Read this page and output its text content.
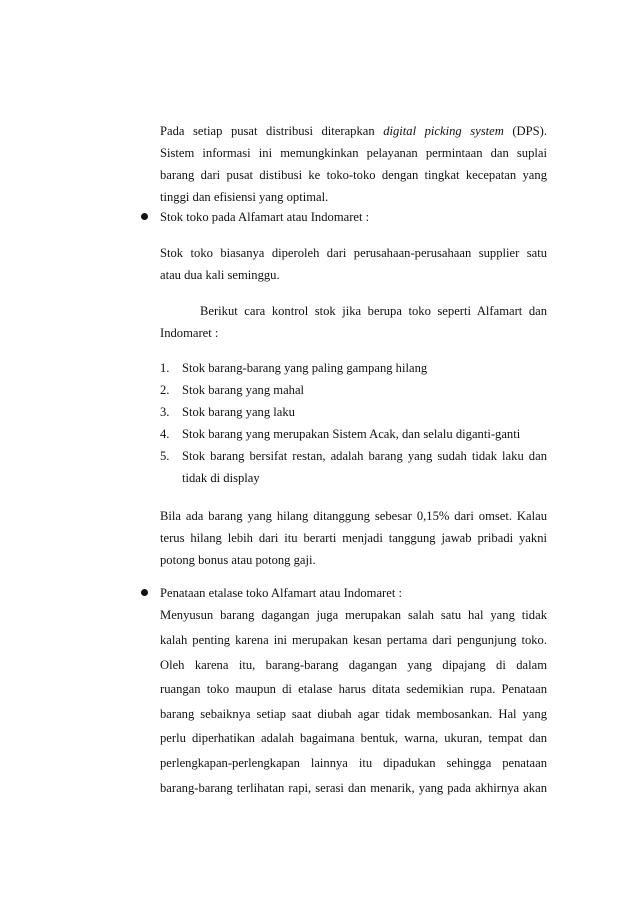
Pada setiap pusat distribusi diterapkan digital picking system (DPS).

Sistem informasi ini memungkinkan pelayanan permintaan dan suplai

barang dari pusat distibusi ke toko-toko dengan tingkat kecepatan yang

tinggi dan efisiensi yang optimal.

Stok toko pada Alfamart atau Indomaret :

Stok toko biasanya diperoleh dari perusahaan-perusahaan supplier satu

atau dua kali seminggu.

Berikut cara kontrol stok jika berupa toko seperti Alfamart dan

Indomaret :

1. Stok barang-barang yang paling gampang hilang

2. Stok barang yang mahal

3. Stok barang yang laku

4. Stok barang yang merupakan Sistem Acak, dan selalu diganti-ganti

5. Stok barang bersifat restan, adalah barang yang sudah tidak laku dan

tidak di display

Bila ada barang yang hilang ditanggung sebesar 0,15% dari omset. Kalau

terus hilang lebih dari itu berarti menjadi tanggung jawab pribadi yakni

potong bonus atau potong gaji.

Penataan etalase toko Alfamart atau Indomaret :

Menyusun barang dagangan juga merupakan salah satu hal yang tidak

kalah penting karena ini merupakan kesan pertama dari pengunjung toko.

Oleh karena itu, barang-barang dagangan yang dipajang di dalam

ruangan toko maupun di etalase harus ditata sedemikian rupa. Penataan

barang sebaiknya setiap saat diubah agar tidak membosankan. Hal yang

perlu diperhatikan adalah bagaimana bentuk, warna, ukuran, tempat dan

perlengkapan-perlengkapan lainnya itu dipadukan sehingga penataan

barang-barang terlihatan rapi, serasi dan menarik, yang pada akhirnya akan
